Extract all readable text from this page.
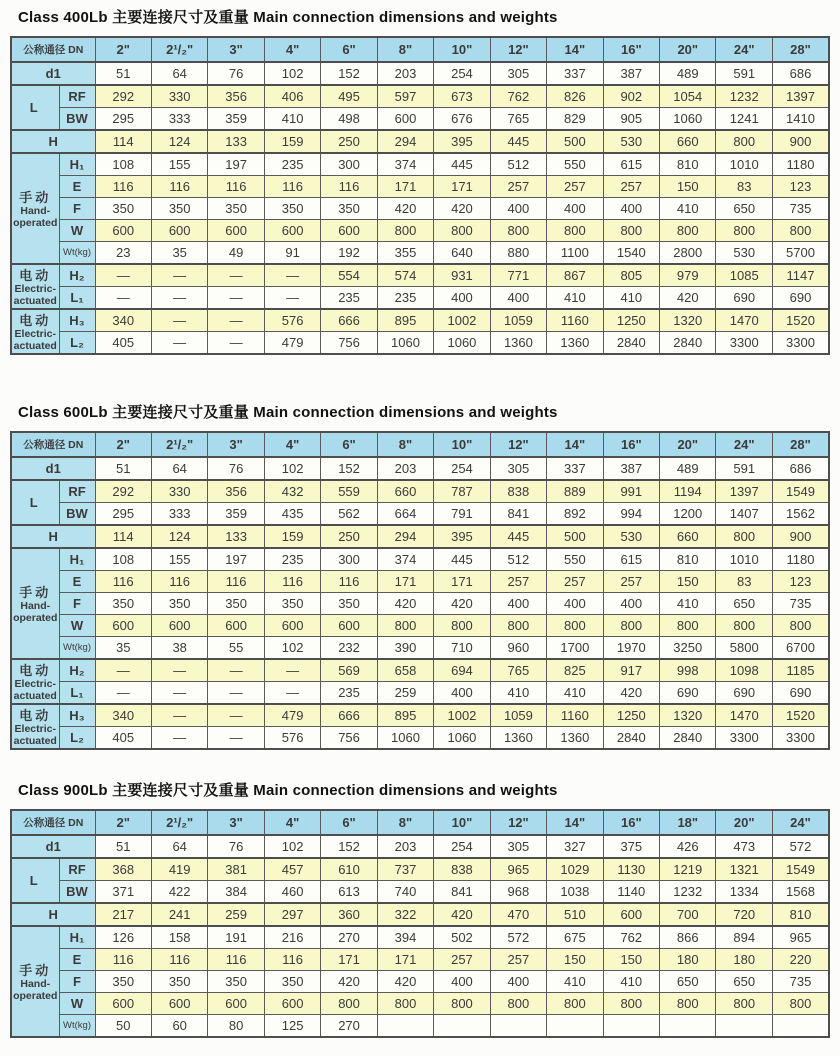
Class 400Lb 主要连接尺寸及重量 Main connection dimensions and weights
公称通径 DN		2"	2¹/₂"	3"	4"	6"	8"	10"	12"	14"	16"	20"	24"	28"
d1		51	64	76	102	152	203	254	305	337	387	489	591	686

L	RF	292	330	356	406	495	597	673	762	826	902	1054	1232	1397
	BW	295	333	359	410	498	600	676	765	829	905	1060	1241	1410
H		114	124	133	159	250	294	395	445	500	530	660	800	900

手动
Hand-operated	H₁	108	155	197	235	300	374	445	512	550	615	810	1010	1180
	E	116	116	116	116	116	171	171	257	257	257	150	83	123
	F	350	350	350	350	350	420	420	400	400	400	410	650	735
	W	600	600	600	600	600	800	800	800	800	800	800	800	800
	Wt(kg)	23	35	49	91	192	355	640	880	1100	1540	2800	530	5700

电动
Electric-actuated	H₂	—	—	—	—	554	574	931	771	867	805	979	1085	1147
	L₁	—	—	—	—	235	235	400	400	410	410	420	690	690

电动
Electric-actuated	H₃	340	—	—	576	666	895	1002	1059	1160	1250	1320	1470	1520
	L₂	405	—	—	479	756	1060	1060	1360	1360	2840	2840	3300	3300
Class 600Lb 主要连接尺寸及重量 Main connection dimensions and weights
公称通径 DN		2"	2¹/₂"	3"	4"	6"	8"	10"	12"	14"	16"	20"	24"	28"
d1		51	64	76	102	152	203	254	305	337	387	489	591	686

L	RF	292	330	356	432	559	660	787	838	889	991	1194	1397	1549
	BW	295	333	359	435	562	664	791	841	892	994	1200	1407	1562
H		114	124	133	159	250	294	395	445	500	530	660	800	900

手动
Hand-operated	H₁	108	155	197	235	300	374	445	512	550	615	810	1010	1180
	E	116	116	116	116	116	171	171	257	257	257	150	83	123
	F	350	350	350	350	350	420	420	400	400	400	410	650	735
	W	600	600	600	600	600	800	800	800	800	800	800	800	800
	Wt(kg)	35	38	55	102	232	390	710	960	1700	1970	3250	5800	6700

电动
Electric-actuated	H₂	—	—	—	—	569	658	694	765	825	917	998	1098	1185
	L₁	—	—	—	—	235	259	400	410	410	420	690	690	690

电动
Electric-actuated	H₃	340	—	—	479	666	895	1002	1059	1160	1250	1320	1470	1520
	L₂	405	—	—	576	756	1060	1060	1360	1360	2840	2840	3300	3300
Class 900Lb 主要连接尺寸及重量 Main connection dimensions and weights
公称通径 DN		2"	2¹/₂"	3"	4"	6"	8"	10"	12"	14"	16"	18"	20"	24"
d1		51	64	76	102	152	203	254	305	327	375	426	473	572

L	RF	368	419	381	457	610	737	838	965	1029	1130	1219	1321	1549
	BW	371	422	384	460	613	740	841	968	1038	1140	1232	1334	1568
H		217	241	259	297	360	322	420	470	510	600	700	720	810

手动
Hand-operated	H₁	126	158	191	216	270	394	502	572	675	762	866	894	965
	E	116	116	116	116	171	171	257	257	150	150	180	180	220
	F	350	350	350	350	420	420	400	400	410	410	650	650	735
	W	600	600	600	600	800	800	800	800	800	800	800	800	800
	Wt(kg)	50	60	80	125	270								
